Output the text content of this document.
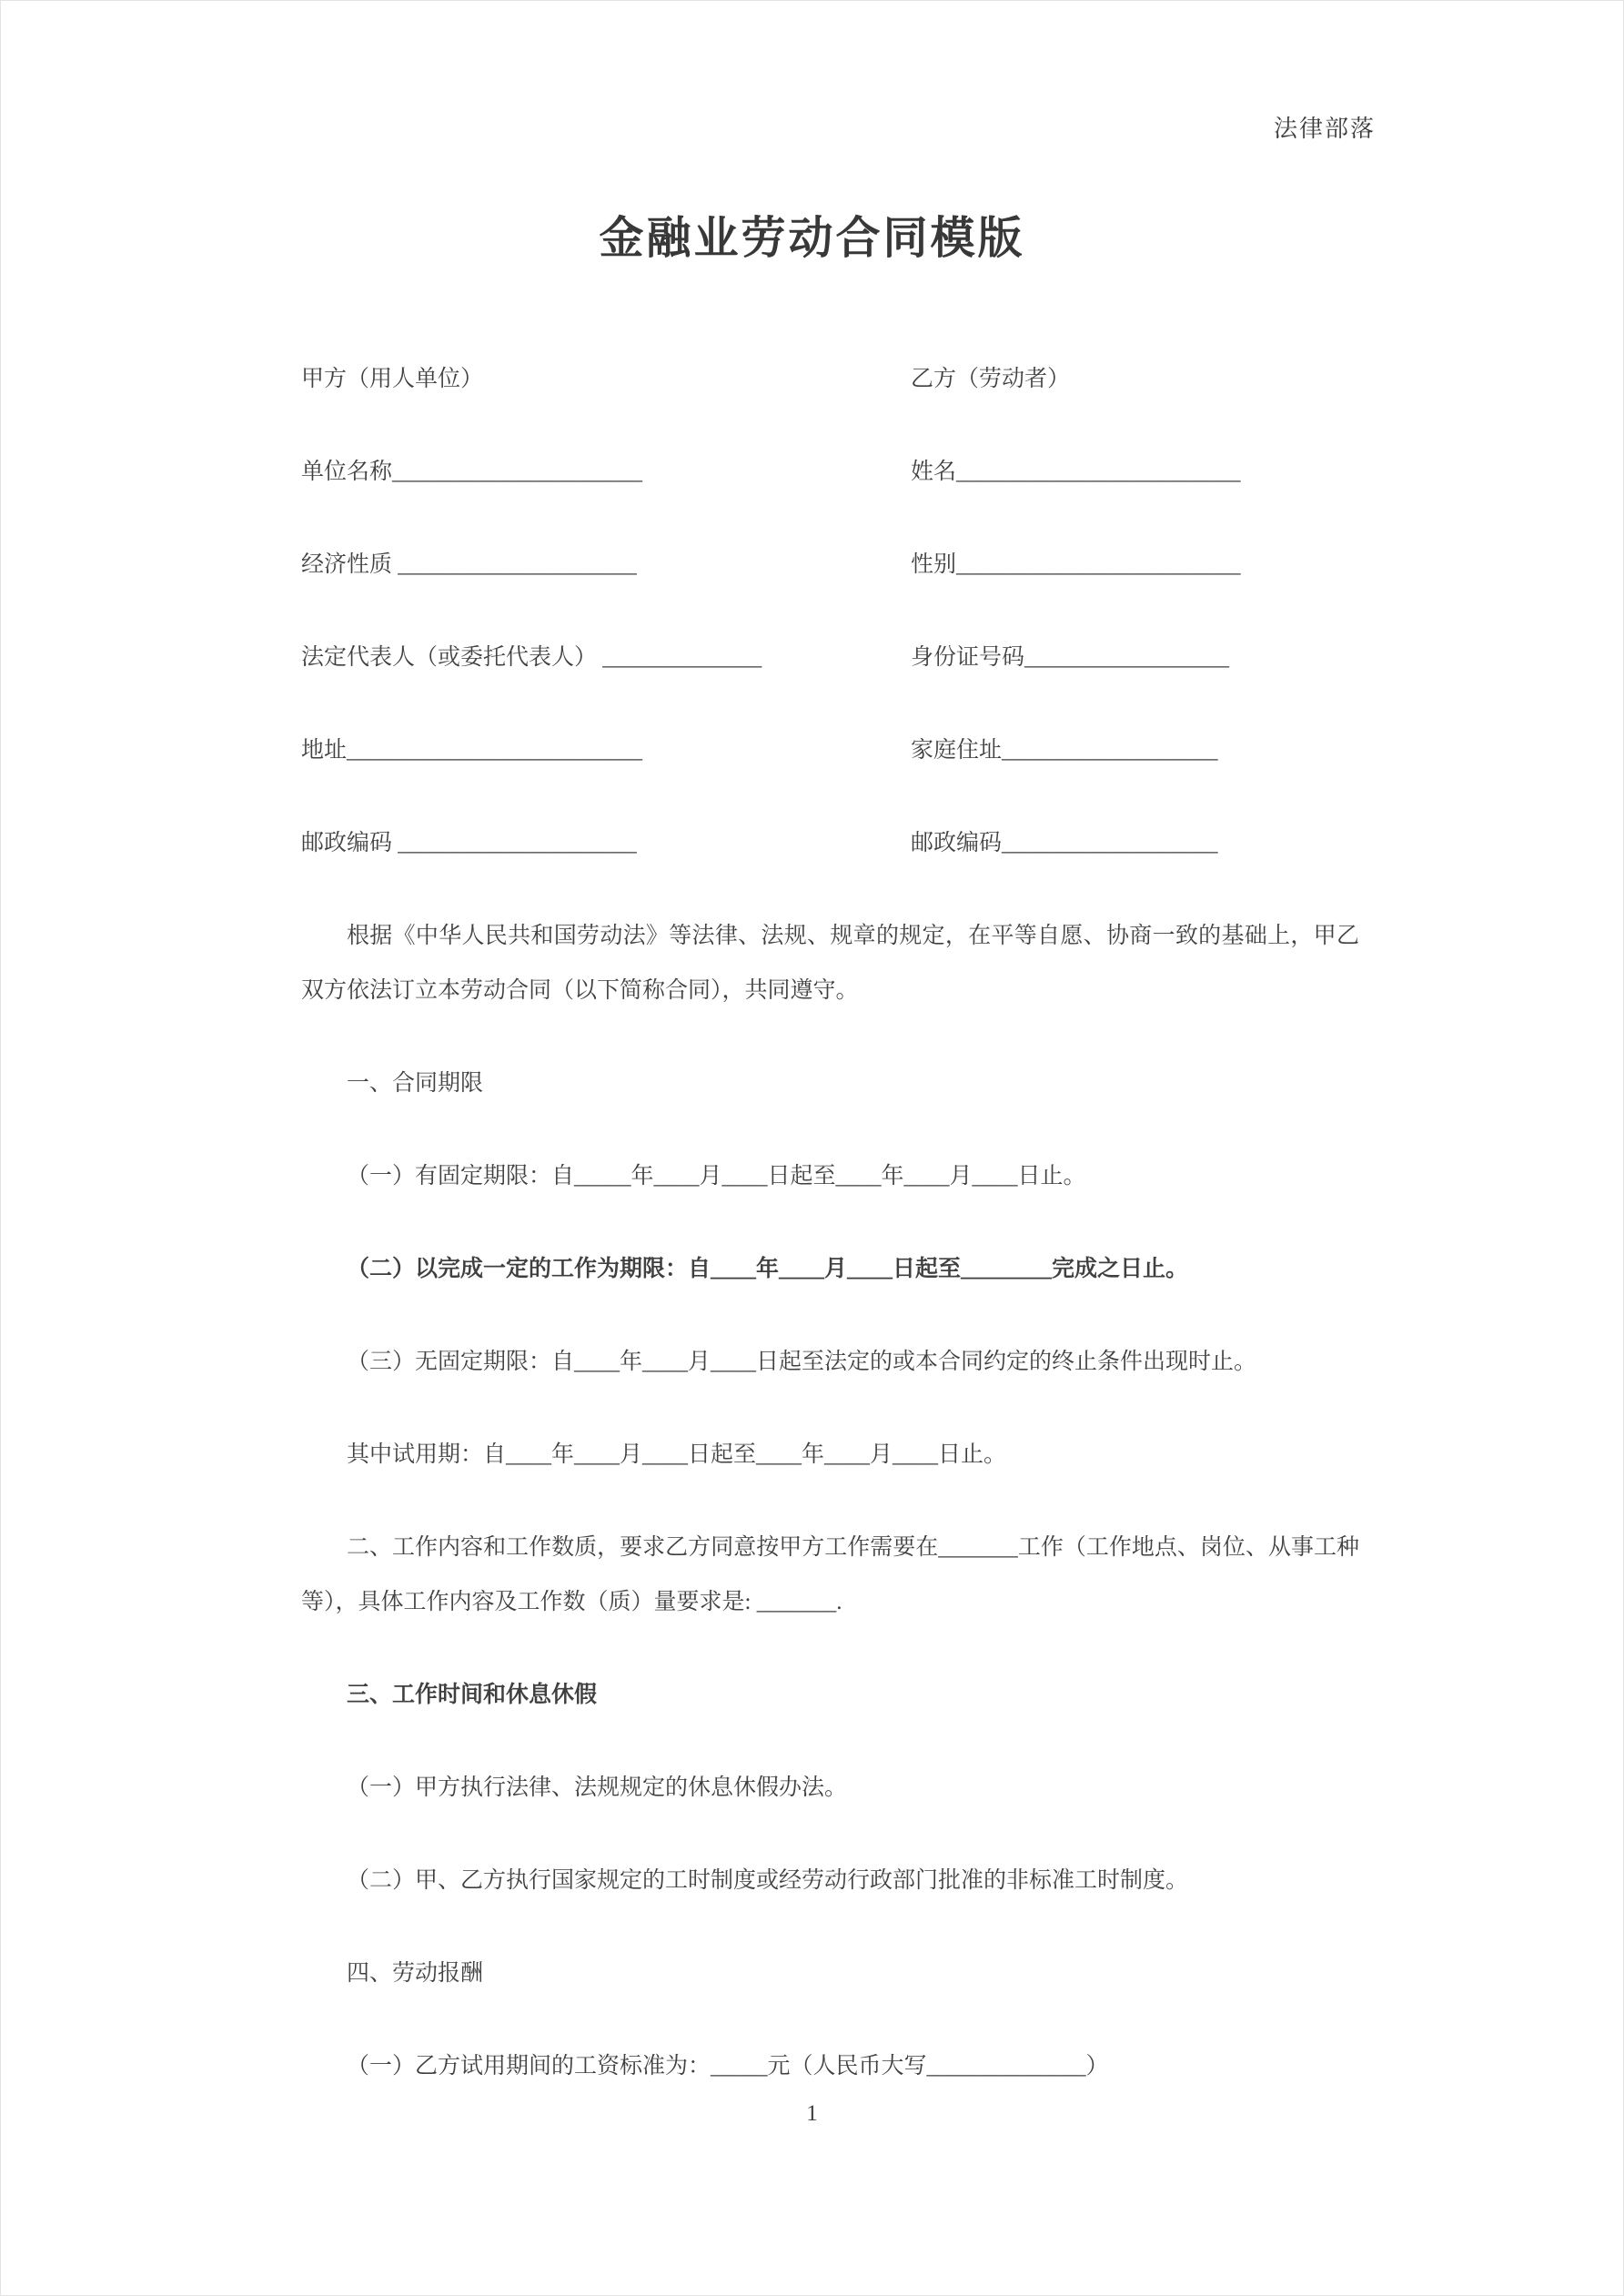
法律部落
金融业劳动合同模版
甲方（用人单位）	乙方（劳动者）
单位名称______________________	姓名_________________________
经济性质 _____________________	性别_________________________
法定代表人（或委托代表人） ______________	身份证号码__________________
地址__________________________	家庭住址___________________
邮政编码 _____________________	邮政编码___________________

根据《中华人民共和国劳动法》等法律、法规、规章的规定，在平等自愿、协商一致的基础上，甲乙双方依法订立本劳动合同（以下简称合同），共同遵守。

一、合同期限

（一）有固定期限：自_____年____月____日起至____年____月____日止。

（二）以完成一定的工作为期限：自____年____月____日起至________完成之日止。

（三）无固定期限：自____年____月____日起至法定的或本合同约定的终止条件出现时止。

其中试用期：自____年____月____日起至____年____月____日止。

二、工作内容和工作数质，要求乙方同意按甲方工作需要在_______工作（工作地点、岗位、从事工种等），具体工作内容及工作数（质）量要求是: _______.

三、工作时间和休息休假

（一）甲方执行法律、法规规定的休息休假办法。

（二）甲、乙方执行国家规定的工时制度或经劳动行政部门批准的非标准工时制度。

四、劳动报酬

（一）乙方试用期间的工资标准为：_____元（人民币大写______________）

1
